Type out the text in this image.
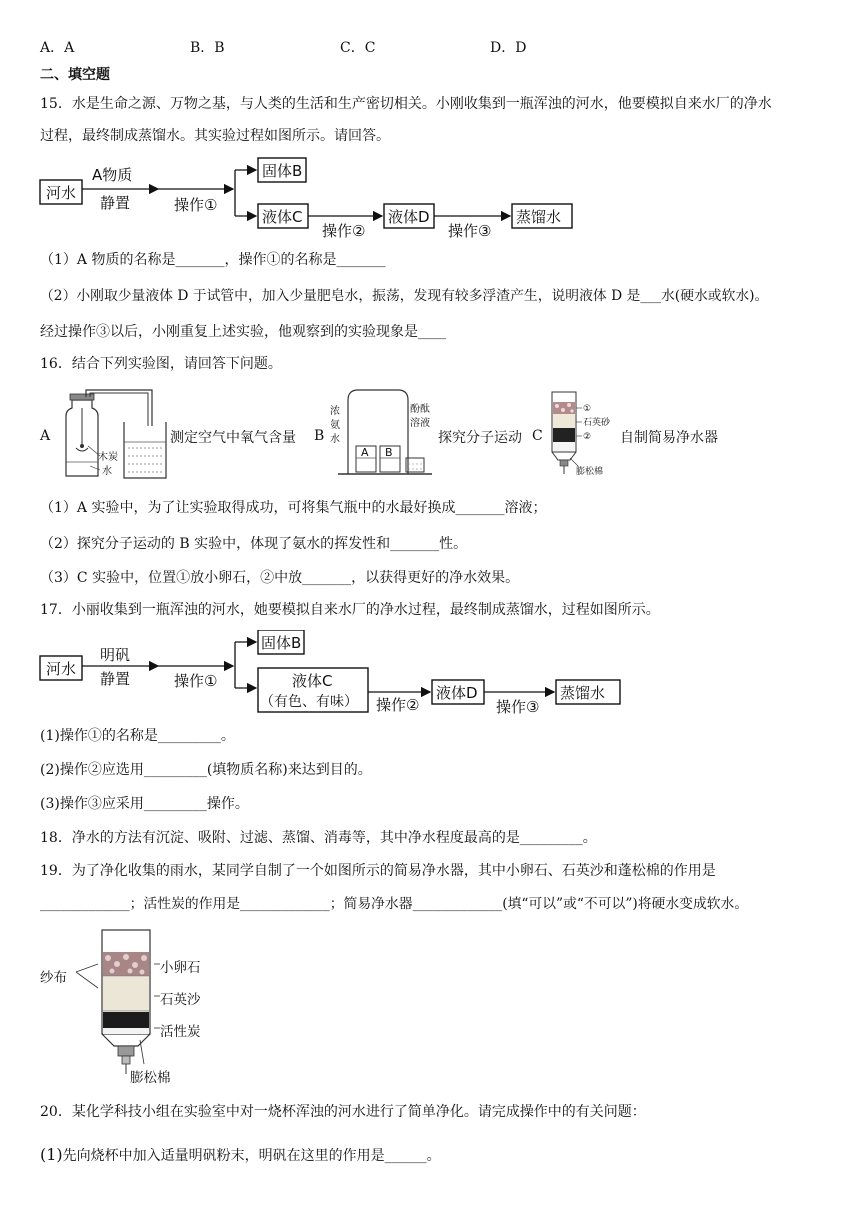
A．A	B．B	C．C	D．D
二、填空题
15．水是生命之源、万物之基，与人类的生活和生产密切相关。小刚收集到一瓶浑浊的河水，他要模拟自来水厂的净水
过程，最终制成蒸馏水。其实验过程如图所示。请回答。
河水
A物质
静置	操作①
固体B
液体C
操作②
液体D
操作③
蒸馏水
（1）A 物质的名称是_______，操作①的名称是_______
（2）小刚取少量液体 D 于试管中，加入少量肥皂水，振荡，发现有较多浮渣产生，说明液体 D 是___水(硬水或软水)。
经过操作③以后，小刚重复上述实验，他观察到的实验现象是____
16．结合下列实验图，请回答下问题。
A
木炭
水
测定空气中氧气含量 B
浓
氨
水
A B
酚酞
溶液
探究分子运动 C
①
石英砂
②
膨松棉
自制简易净水器
（1）A 实验中，为了让实验取得成功，可将集气瓶中的水最好换成_______溶液；
（2）探究分子运动的 B 实验中，体现了氨水的挥发性和_______性。
（3）C 实验中，位置①放小卵石，②中放_______，以获得更好的净水效果。
17．小丽收集到一瓶浑浊的河水，她要模拟自来水厂的净水过程，最终制成蒸馏水，过程如图所示。
河水
明矾
静置	操作①
固体B
液体C
（有色、有味） 操作②
液体D
操作③
蒸馏水
(1)操作①的名称是_________。
(2)操作②应选用_________(填物质名称)来达到目的。
(3)操作③应采用_________操作。
18．净水的方法有沉淀、吸附、过滤、蒸馏、消毒等，其中净水程度最高的是_________。
19．为了净化收集的雨水，某同学自制了一个如图所示的简易净水器，其中小卵石、石英沙和蓬松棉的作用是
_____________；活性炭的作用是_____________；简易净水器_____________(填“可以”或“不可以”)将硬水变成软水。
纱布
小卵石
石英沙
活性炭
膨松棉
20．某化学科技小组在实验室中对一烧杯浑浊的河水进行了简单净化。请完成操作中的有关问题：
(1)先向烧杯中加入适量明矾粉末，明矾在这里的作用是______。
